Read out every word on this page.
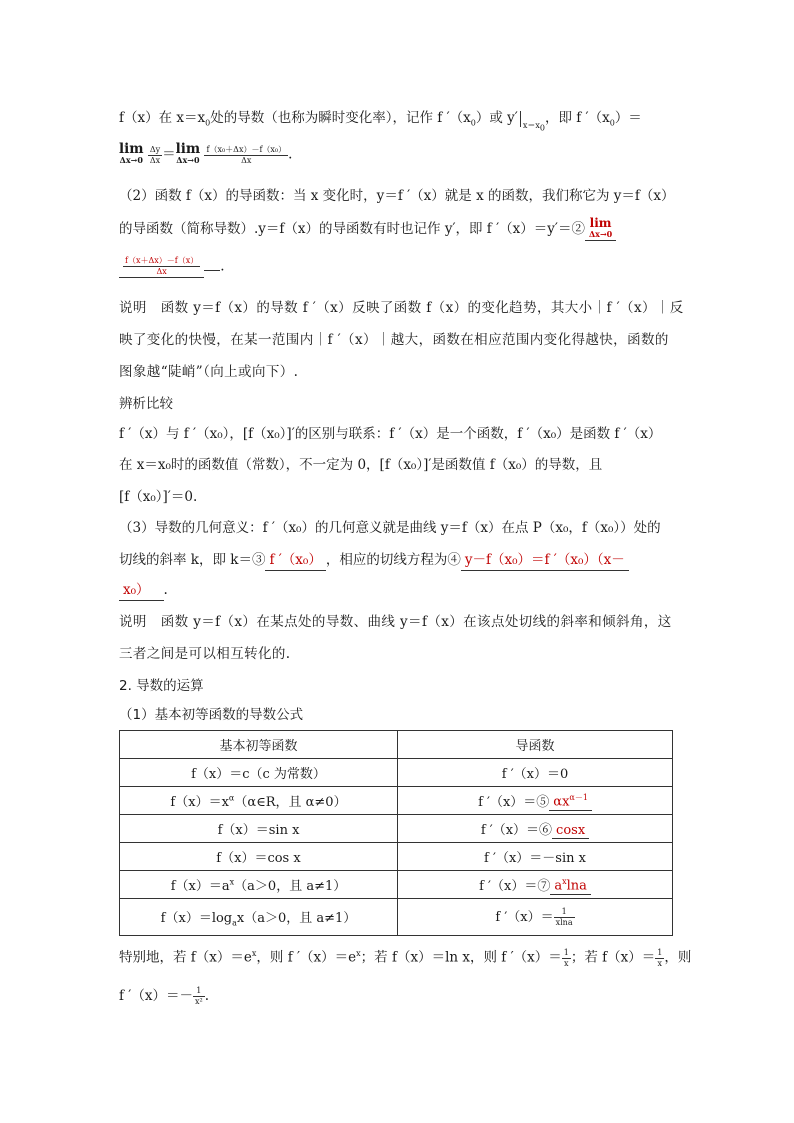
f（x）在 $x=x_0$处的导数（也称为瞬时变化率），记作 f $'(x_0)$或 y′ $_{x=x_0}$，即 f $'(x_0)=$
lim
Δx→0
$\frac{\Delta y}{\Delta x} =\lim$
Δx→0
$\frac{\text{f（x₀＋Δx）－f（x₀）}}{\Delta x}$ .
（2）函数 f（x）的导函数：当 x 变化时，y＝f ′（x）就是 x 的函数，我们称它为 y＝f（x）
的导函数（简称导数）.y＝f（x）的导函数有时也记作 y′，即 f ′（x）＝y′＝② lim
Δx→0
$\frac{f(x+\Delta x)-f(x)}{\Delta x}$ .
说明　函数 y＝f（x）的导数 f ′（x）反映了函数 f（x）的变化趋势，其大小｜f ′（x）｜反
映了变化的快慢，在某一范围内｜f ′（x）｜越大，函数在相应范围内变化得越快，函数的
图象越“陡峭”（向上或向下）.
辨析比较
f ′（x）与 f ′（x₀），[f（x₀）]′的区别与联系：f ′（x）是一个函数，f ′（x₀）是函数 f ′（x）
在 x＝x₀时的函数值（常数），不一定为 0，[f（x₀）]′是函数值 f（x₀）的导数，且
[f（x₀）]′＝0.
（3）导数的几何意义：f ′（x₀）的几何意义就是曲线 y＝f（x）在点 P（x₀，f（x₀））处的
切线的斜率 k，即 k＝③ f ′（x₀） ，相应的切线方程为④ y－f（x₀）＝f ′（x₀）（x－
x₀） .
说明　函数 y＝f（x）在某点处的导数、曲线 y＝f（x）在该点处切线的斜率和倾斜角，这
三者之间是可以相互转化的.
2. 导数的运算
（1）基本初等函数的导数公式
基本初等函数	导函数
f（x）＝c（c 为常数）	f ′（x）＝0
$f(x)=x^\alpha(\alpha\in R$，且 α≠0）	f ′（x）＝⑤ $\alpha x^{\alpha-1}$
f（x）＝sin x	f ′（x）＝⑥ cosx
f（x）＝cos x	f ′（x）＝－sin x
$f(x)=a^x(a>0$，且 a≠1）	f ′（x）＝⑦ $a^x\ln a$
$f(x)=\log_ax(a>0$，且 a≠1）	f $'(x)= \frac{1}{xlna}$
特别地，若 $f(x)=e^x$，则 f $'(x)=e^x$；若 f（x）＝ln x，则 f $'(x)= \frac{1}{x}$ ；若 $f(x)= \frac{1}{x}$ ，则
f $'(x)=- \frac{1}{\text{x²}}$ .
